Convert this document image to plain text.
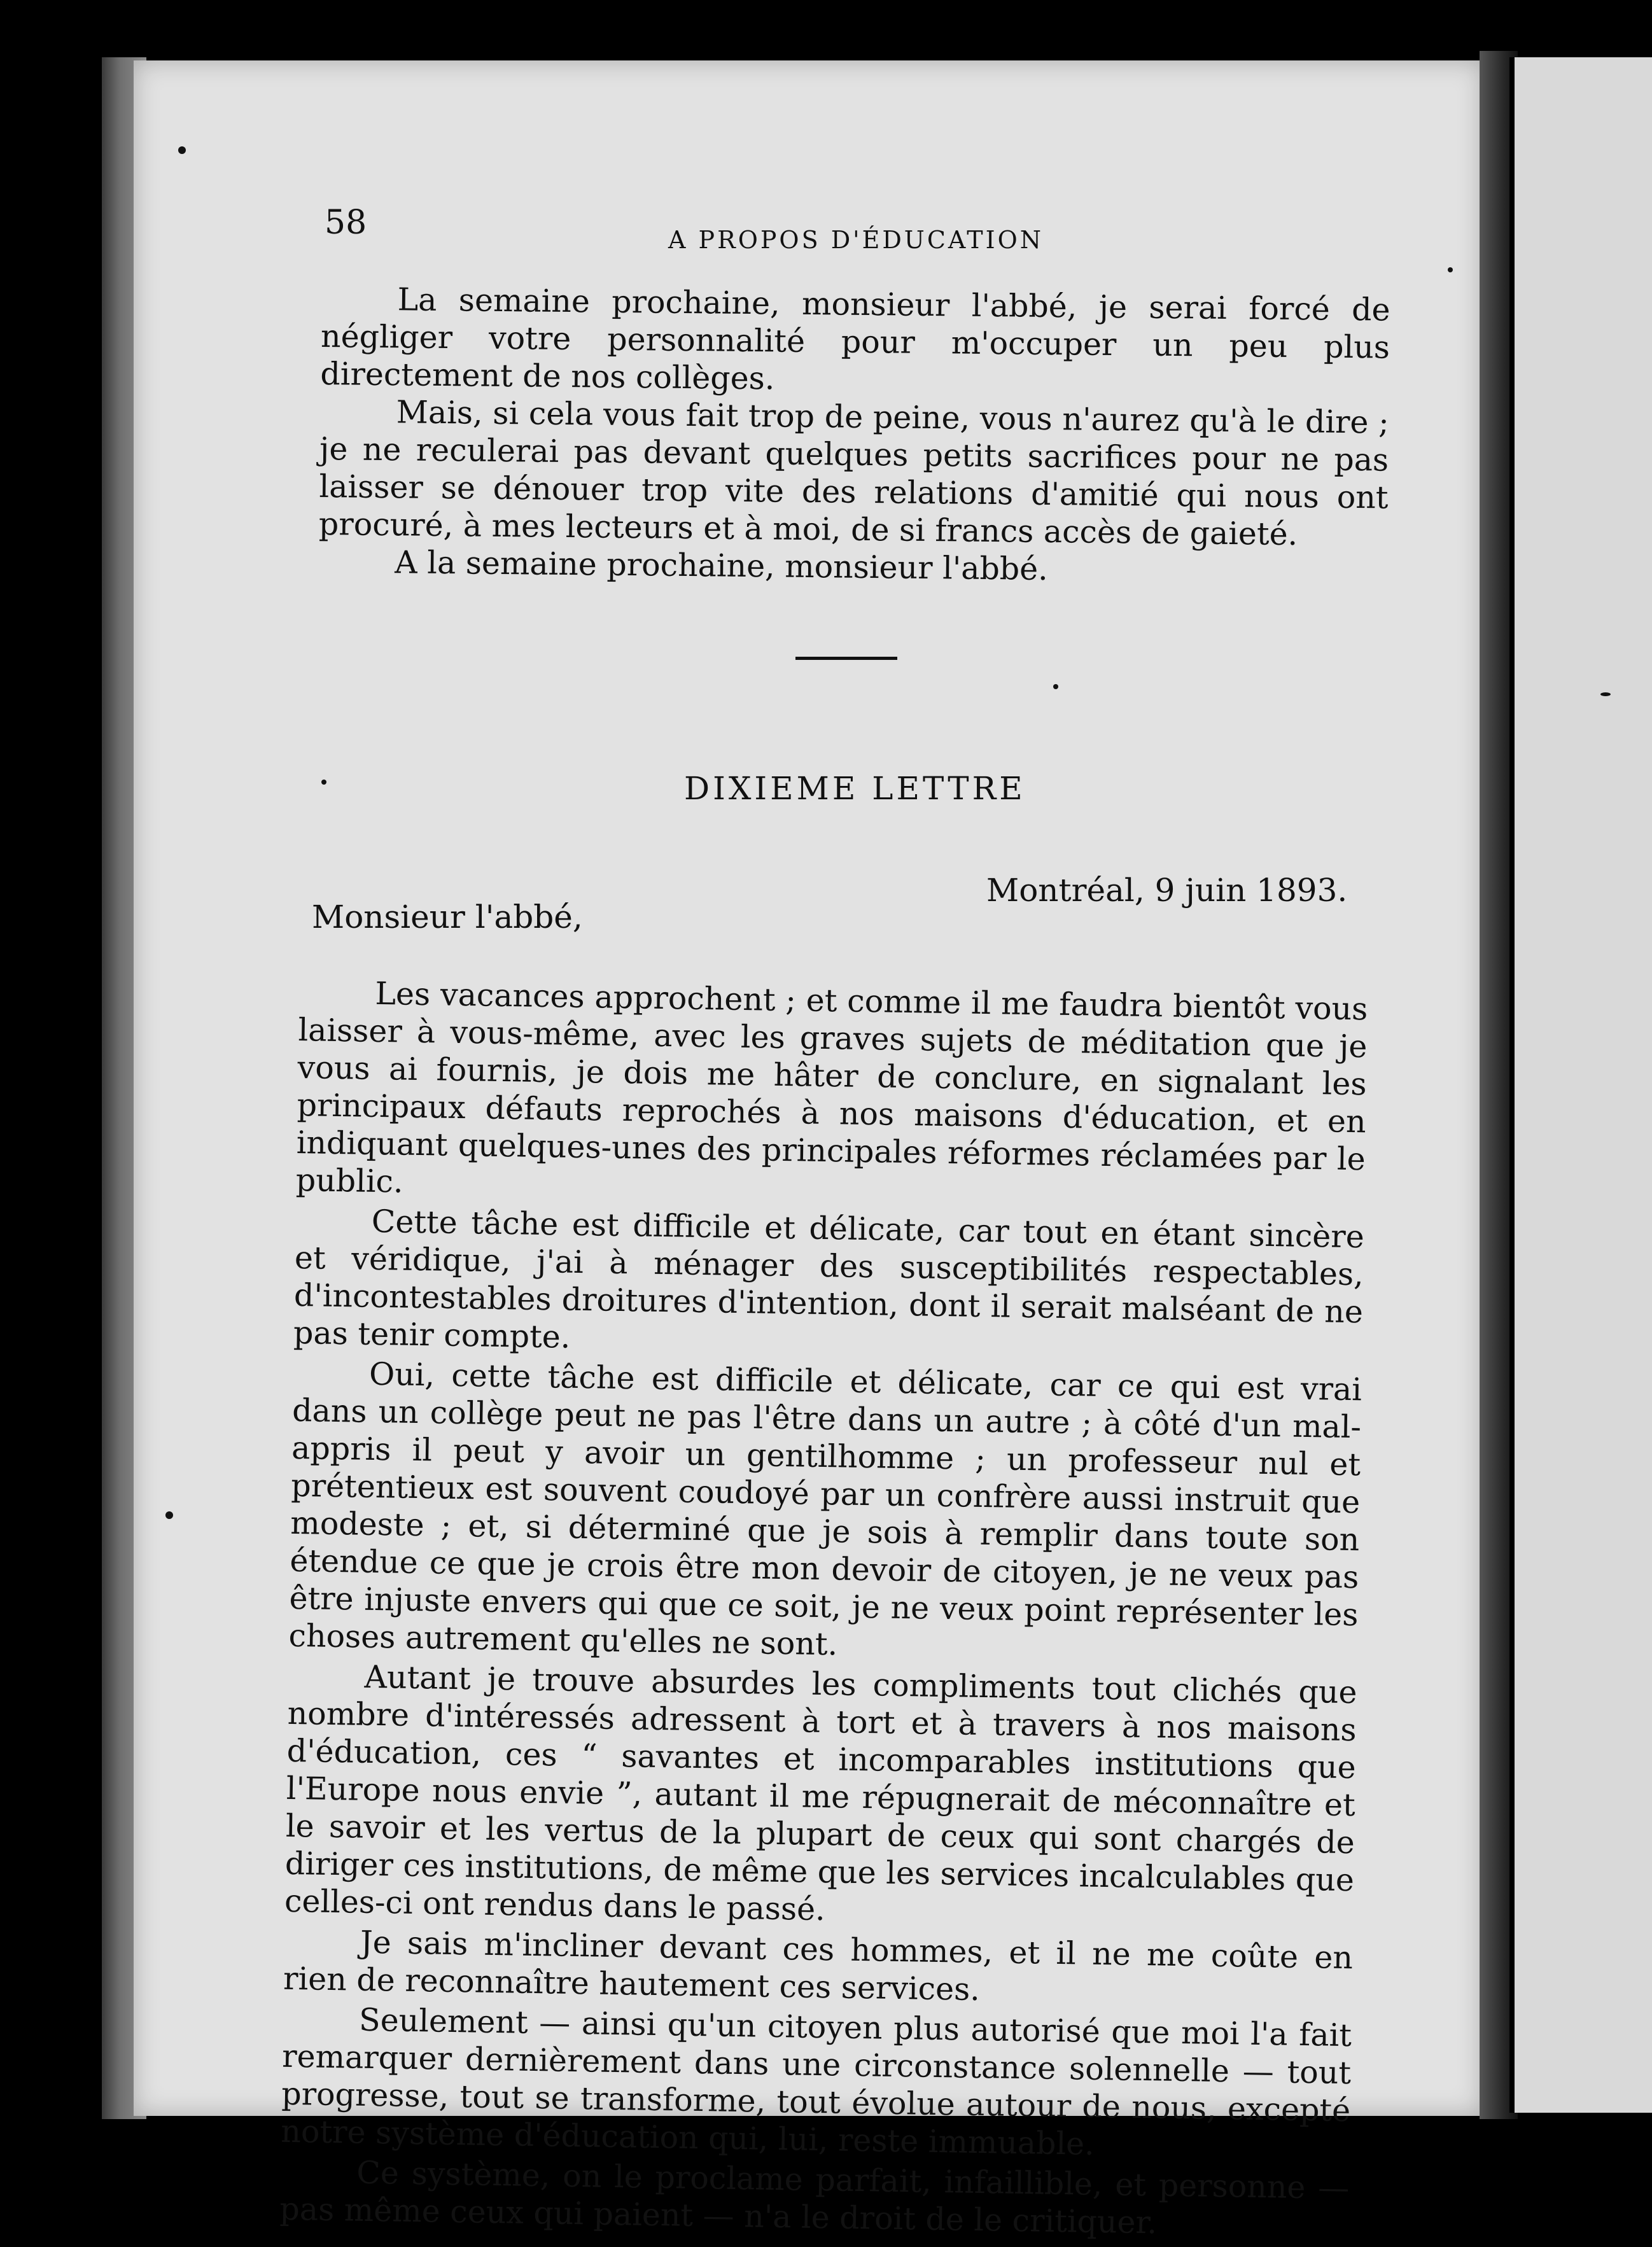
58	A PROPOS D'ÉDUCATION

La semaine prochaine, monsieur l'abbé, je serai forcé de négliger votre personnalité pour m'occuper un peu plus directement de nos collèges.

Mais, si cela vous fait trop de peine, vous n'aurez qu'à le dire ; je ne reculerai pas devant quelques petits sacrifices pour ne pas laisser se dénouer trop vite des relations d'amitié qui nous ont procuré, à mes lecteurs et à moi, de si francs accès de gaieté.

A la semaine prochaine, monsieur l'abbé.

DIXIEME LETTRE
Montréal, 9 juin 1893.
Monsieur l'abbé,

Les vacances approchent ; et comme il me faudra bientôt vous laisser à vous-même, avec les graves sujets de méditation que je vous ai fournis, je dois me hâter de conclure, en signalant les principaux défauts reprochés à nos maisons d'éducation, et en indiquant quelques-unes des principales réformes réclamées par le public.

Cette tâche est difficile et délicate, car tout en étant sincère et véridique, j'ai à ménager des susceptibilités respectables, d'incontestables droitures d'intention, dont il serait malséant de ne pas tenir compte.

Oui, cette tâche est difficile et délicate, car ce qui est vrai dans un collège peut ne pas l'être dans un autre ; à côté d'un mal-appris il peut y avoir un gentilhomme ; un professeur nul et prétentieux est souvent coudoyé par un confrère aussi instruit que modeste ; et, si déterminé que je sois à remplir dans toute son étendue ce que je crois être mon devoir de citoyen, je ne veux pas être injuste envers qui que ce soit, je ne veux point représenter les choses autrement qu'elles ne sont.

Autant je trouve absurdes les compliments tout clichés que nombre d'intéressés adressent à tort et à travers à nos maisons d'éducation, ces “ savantes et incomparables institutions que l'Europe nous envie ”, autant il me répugnerait de méconnaître et le savoir et les vertus de la plupart de ceux qui sont chargés de diriger ces institutions, de même que les services incalculables que celles-ci ont rendus dans le passé.

Je sais m'incliner devant ces hommes, et il ne me coûte en rien de reconnaître hautement ces services.

Seulement — ainsi qu'un citoyen plus autorisé que moi l'a fait remarquer dernièrement dans une circonstance solennelle — tout progresse, tout se transforme, tout évolue autour de nous, excepté notre système d'éducation qui, lui, reste immuable.

Ce système, on le proclame parfait, infaillible, et personne — pas même ceux qui paient — n'a le droit de le critiquer.
